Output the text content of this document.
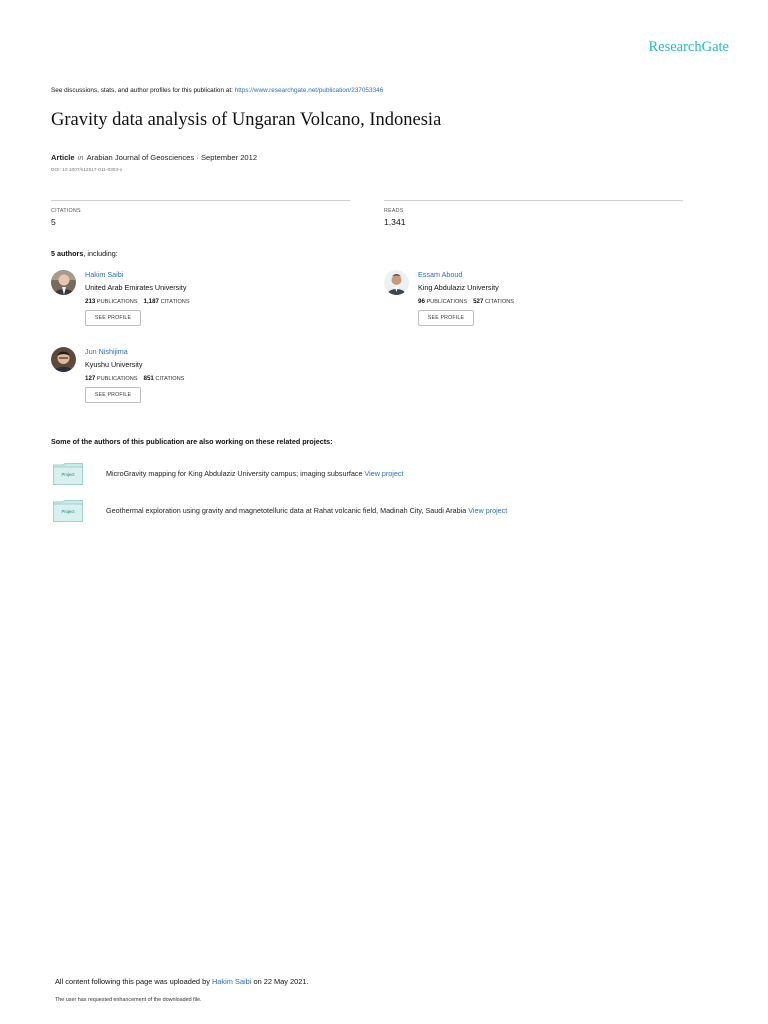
ResearchGate
See discussions, stats, and author profiles for this publication at: https://www.researchgate.net/publication/237053346
Gravity data analysis of Ungaran Volcano, Indonesia
Article in Arabian Journal of Geosciences · September 2012
DOI: 10.1007/s12517-011-0303-x
CITATIONS
5
READS
1,341
5 authors, including:
Hakim Saibi
United Arab Emirates University
213 PUBLICATIONS 1,187 CITATIONS
SEE PROFILE
Essam Aboud
King Abdulaziz University
96 PUBLICATIONS 527 CITATIONS
SEE PROFILE
Jun Nishijima
Kyushu University
127 PUBLICATIONS 851 CITATIONS
SEE PROFILE
Some of the authors of this publication are also working on these related projects:
Project	MicroGravity mapping for King Abdulaziz University campus; imaging subsurface View project
Project	Geothermal exploration using gravity and magnetotelluric data at Rahat volcanic field, Madinah City, Saudi Arabia View project
All content following this page was uploaded by Hakim Saibi on 22 May 2021.
The user has requested enhancement of the downloaded file.
